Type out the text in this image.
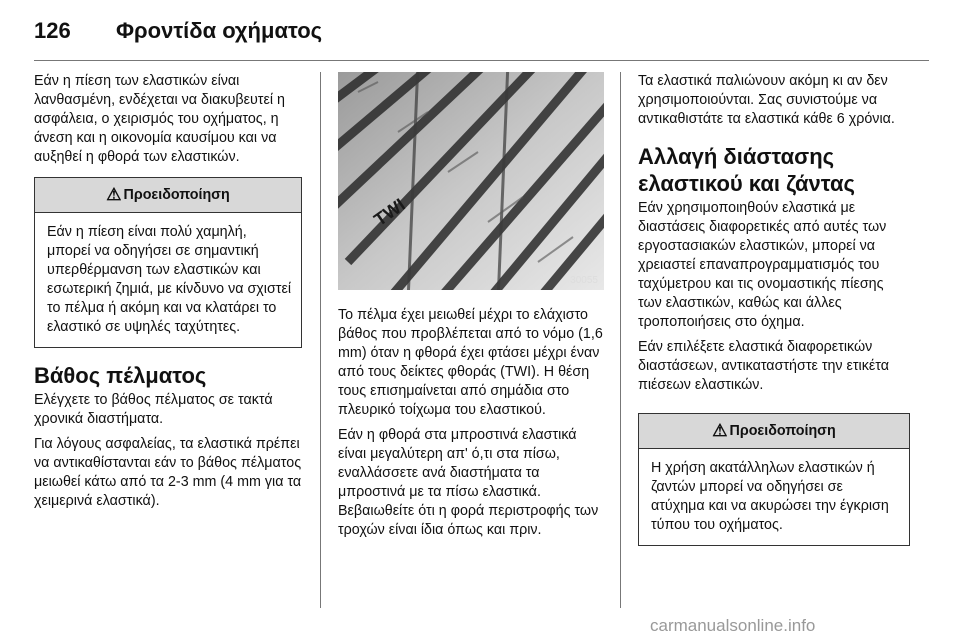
126 Φροντίδα οχήματος

Εάν η πίεση των ελαστικών είναι λανθασμένη, ενδέχεται να διακυβευτεί η ασφάλεια, ο χειρισμός του οχήματος, η άνεση και η οικονομία καυσίμου και να αυξηθεί η φθορά των ελαστικών.

⚠ Προειδοποίηση

Εάν η πίεση είναι πολύ χαμηλή, μπορεί να οδηγήσει σε σημαντική υπερθέρμανση των ελαστικών και εσωτερική ζημιά, με κίνδυνο να σχιστεί το πέλμα ή ακόμη και να κλατάρει το ελαστικό σε υψηλές ταχύτητες.

Βάθος πέλματος

Ελέγχετε το βάθος πέλματος σε τακτά χρονικά διαστήματα.

Για λόγους ασφαλείας, τα ελαστικά πρέπει να αντικαθίστανται εάν το βάθος πέλματος μειωθεί κάτω από τα 2-3 mm (4 mm για τα χειμερινά ελαστικά).

TWI
30055

Το πέλμα έχει μειωθεί μέχρι το ελάχιστο βάθος που προβλέπεται από το νόμο (1,6 mm) όταν η φθορά έχει φτάσει μέχρι έναν από τους δείκτες φθοράς (TWI). Η θέση τους επισημαίνεται από σημάδια στο πλευρικό τοίχωμα του ελαστικού.

Εάν η φθορά στα μπροστινά ελαστικά είναι μεγαλύτερη απ' ό,τι στα πίσω, εναλλάσσετε ανά διαστήματα τα μπροστινά με τα πίσω ελαστικά. Βεβαιωθείτε ότι η φορά περιστροφής των τροχών είναι ίδια όπως και πριν.

Τα ελαστικά παλιώνουν ακόμη κι αν δεν χρησιμοποιούνται. Σας συνιστούμε να αντικαθιστάτε τα ελαστικά κάθε 6 χρόνια.

Αλλαγή διάστασης ελαστικού και ζάντας

Εάν χρησιμοποιηθούν ελαστικά με διαστάσεις διαφορετικές από αυτές των εργοστασιακών ελαστικών, μπορεί να χρειαστεί επαναπρογραμματισμός του ταχύμετρου και τις ονομαστικής πίεσης των ελαστικών, καθώς και άλλες τροποποιήσεις στο όχημα.

Εάν επιλέξετε ελαστικά διαφορετικών διαστάσεων, αντικαταστήστε την ετικέτα πιέσεων ελαστικών.

⚠ Προειδοποίηση

Η χρήση ακατάλληλων ελαστικών ή ζαντών μπορεί να οδηγήσει σε ατύχημα και να ακυρώσει την έγκριση τύπου του οχήματος.

carmanualsonline.info
